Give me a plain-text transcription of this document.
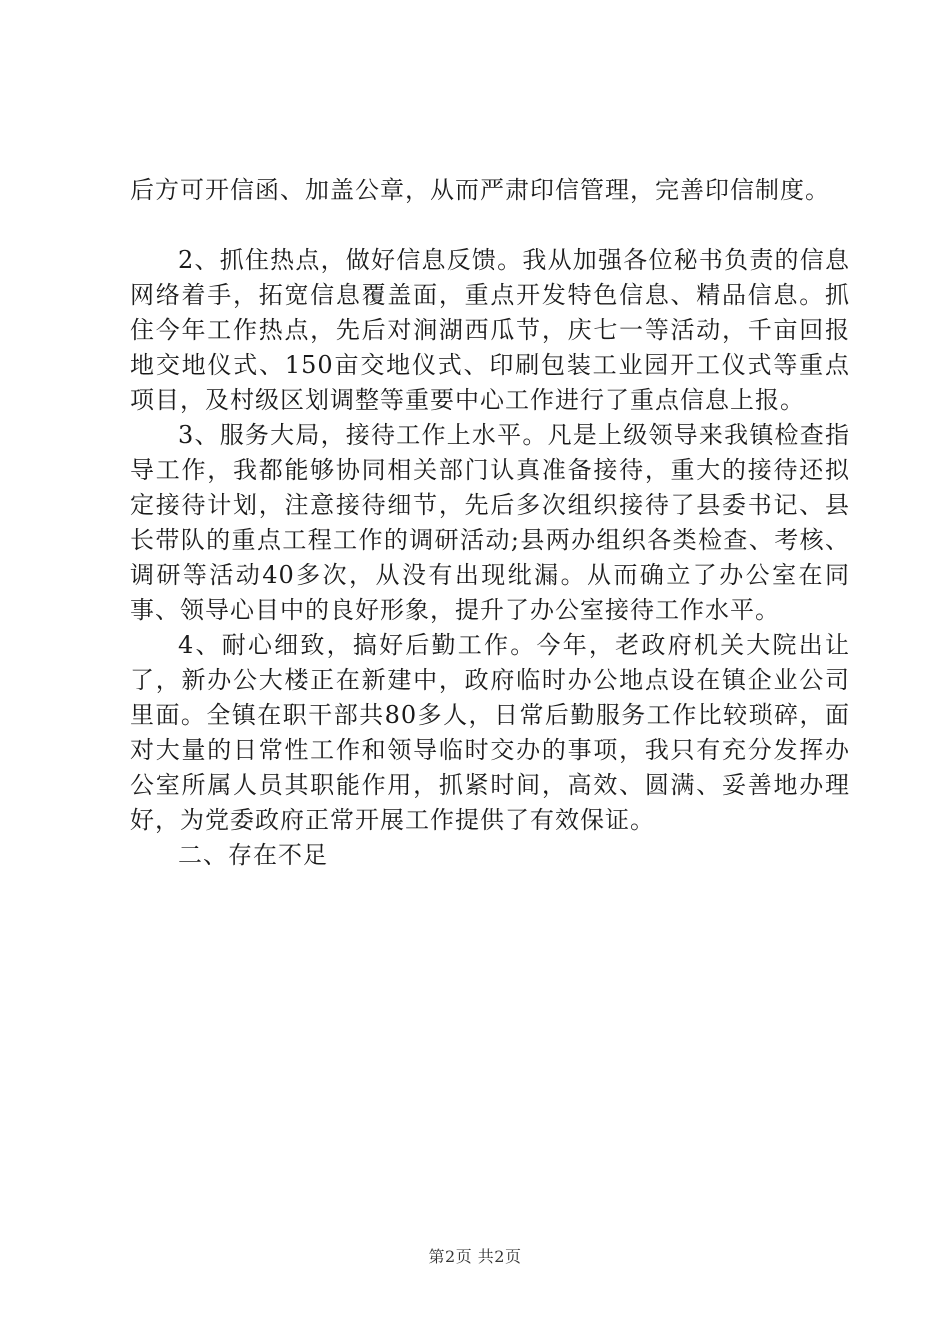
后方可开信函、加盖公章，从而严肃印信管理，完善印信制度。

2、抓住热点，做好信息反馈。我从加强各位秘书负责的信息网络着手，拓宽信息覆盖面，重点开发特色信息、精品信息。抓住今年工作热点，先后对涧湖西瓜节，庆七一等活动，千亩回报地交地仪式、150亩交地仪式、印刷包装工业园开工仪式等重点项目，及村级区划调整等重要中心工作进行了重点信息上报。

3、服务大局，接待工作上水平。凡是上级领导来我镇检查指导工作，我都能够协同相关部门认真准备接待，重大的接待还拟定接待计划，注意接待细节，先后多次组织接待了县委书记、县长带队的重点工程工作的调研活动;县两办组织各类检查、考核、调研等活动40多次，从没有出现纰漏。从而确立了办公室在同事、领导心目中的良好形象，提升了办公室接待工作水平。

4、耐心细致，搞好后勤工作。今年，老政府机关大院出让了，新办公大楼正在新建中，政府临时办公地点设在镇企业公司里面。全镇在职干部共80多人，日常后勤服务工作比较琐碎，面对大量的日常性工作和领导临时交办的事项，我只有充分发挥办公室所属人员其职能作用，抓紧时间，高效、圆满、妥善地办理好，为党委政府正常开展工作提供了有效保证。

二、存在不足

第2页 共2页
